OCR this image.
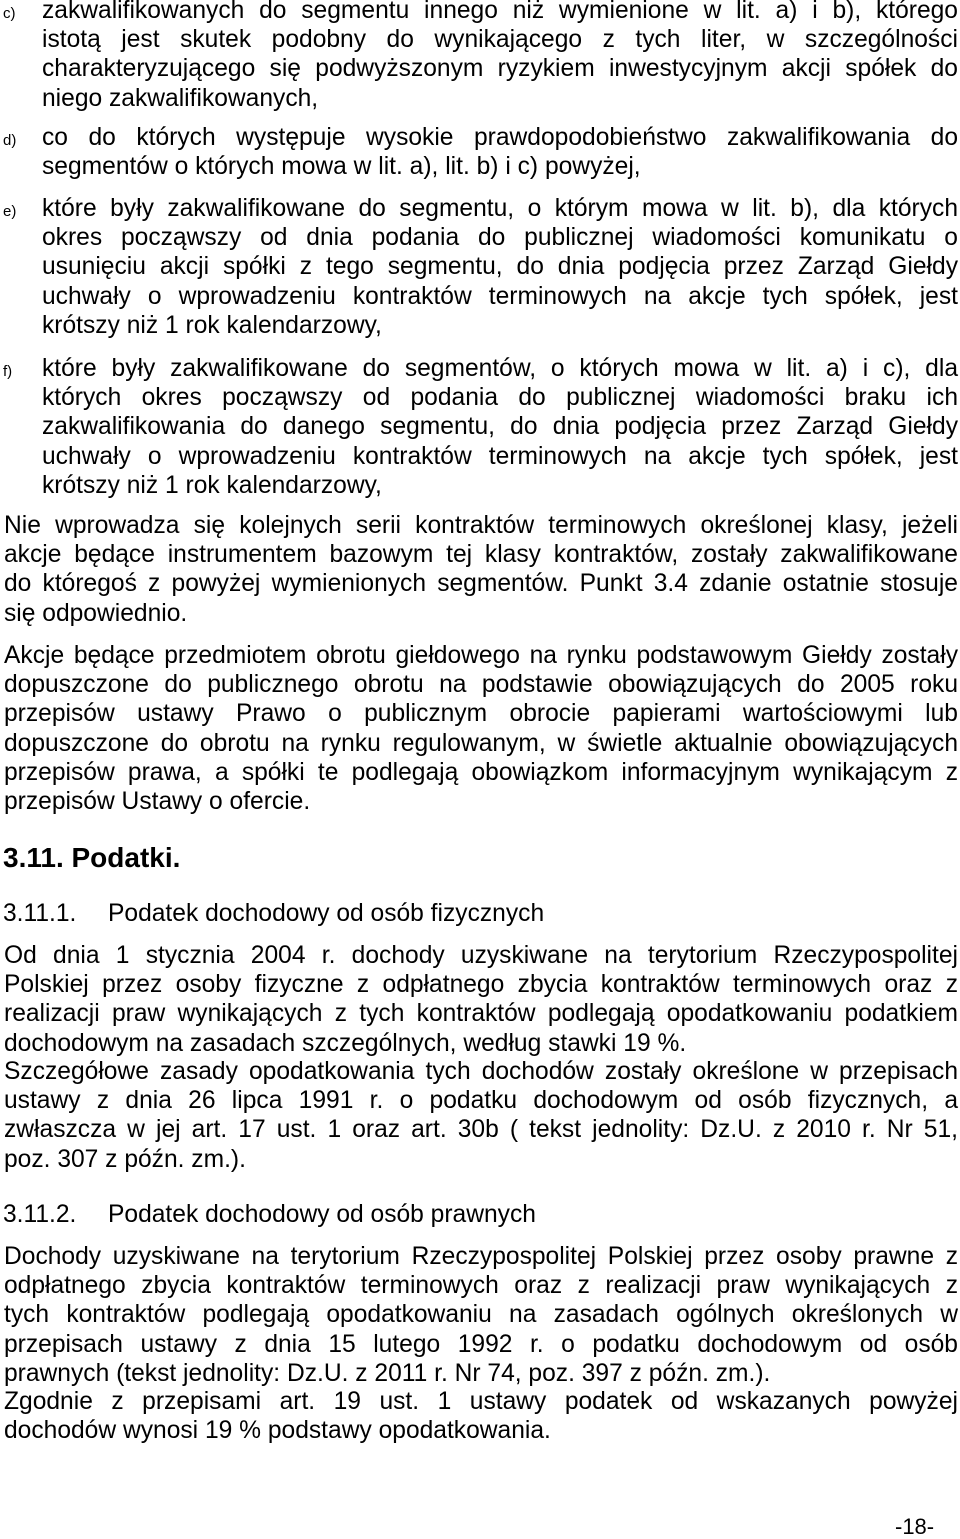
c) zakwalifikowanych do segmentu innego niż wymienione w lit. a) i b), którego
istotą jest skutek podobny do wynikającego z tych liter, w szczególności
charakteryzującego się podwyższonym ryzykiem inwestycyjnym akcji spółek do
niego zakwalifikowanych,
d) co do których występuje wysokie prawdopodobieństwo zakwalifikowania do
segmentów o których mowa w lit. a), lit. b) i c) powyżej,
e) które były zakwalifikowane do segmentu, o którym mowa w lit. b), dla których
okres począwszy od dnia podania do publicznej wiadomości komunikatu o
usunięciu akcji spółki z tego segmentu, do dnia podjęcia przez Zarząd Giełdy
uchwały o wprowadzeniu kontraktów terminowych na akcje tych spółek, jest
krótszy niż 1 rok kalendarzowy,
f) które były zakwalifikowane do segmentów, o których mowa w lit. a) i c), dla
których okres począwszy od podania do publicznej wiadomości braku ich
zakwalifikowania do danego segmentu, do dnia podjęcia przez Zarząd Giełdy
uchwały o wprowadzeniu kontraktów terminowych na akcje tych spółek, jest
krótszy niż 1 rok kalendarzowy,
Nie wprowadza się kolejnych serii kontraktów terminowych określonej klasy, jeżeli
akcje będące instrumentem bazowym tej klasy kontraktów, zostały zakwalifikowane
do któregoś z powyżej wymienionych segmentów. Punkt 3.4 zdanie ostatnie stosuje
się odpowiednio.
Akcje będące przedmiotem obrotu giełdowego na rynku podstawowym Giełdy zostały
dopuszczone do publicznego obrotu na podstawie obowiązujących do 2005 roku
przepisów ustawy Prawo o publicznym obrocie papierami wartościowymi lub
dopuszczone do obrotu na rynku regulowanym, w świetle aktualnie obowiązujących
przepisów prawa, a spółki te podlegają obowiązkom informacyjnym wynikającym z
przepisów Ustawy o ofercie.
3.11. Podatki.
3.11.1. Podatek dochodowy od osób fizycznych
Od dnia 1 stycznia 2004 r. dochody uzyskiwane na terytorium Rzeczypospolitej
Polskiej przez osoby fizyczne z odpłatnego zbycia kontraktów terminowych oraz z
realizacji praw wynikających z tych kontraktów podlegają opodatkowaniu podatkiem
dochodowym na zasadach szczególnych, według stawki 19 %.
Szczegółowe zasady opodatkowania tych dochodów zostały określone w przepisach
ustawy z dnia 26 lipca 1991 r. o podatku dochodowym od osób fizycznych, a
zwłaszcza w jej art. 17 ust. 1 oraz art. 30b ( tekst jednolity: Dz.U. z 2010 r. Nr 51,
poz. 307 z późn. zm.).
3.11.2. Podatek dochodowy od osób prawnych
Dochody uzyskiwane na terytorium Rzeczypospolitej Polskiej przez osoby prawne z
odpłatnego zbycia kontraktów terminowych oraz z realizacji praw wynikających z
tych kontraktów podlegają opodatkowaniu na zasadach ogólnych określonych w
przepisach ustawy z dnia 15 lutego 1992 r. o podatku dochodowym od osób
prawnych (tekst jednolity: Dz.U. z 2011 r. Nr 74, poz. 397 z późn. zm.).
Zgodnie z przepisami art. 19 ust. 1 ustawy podatek od wskazanych powyżej
dochodów wynosi 19 % podstawy opodatkowania.
-18-
